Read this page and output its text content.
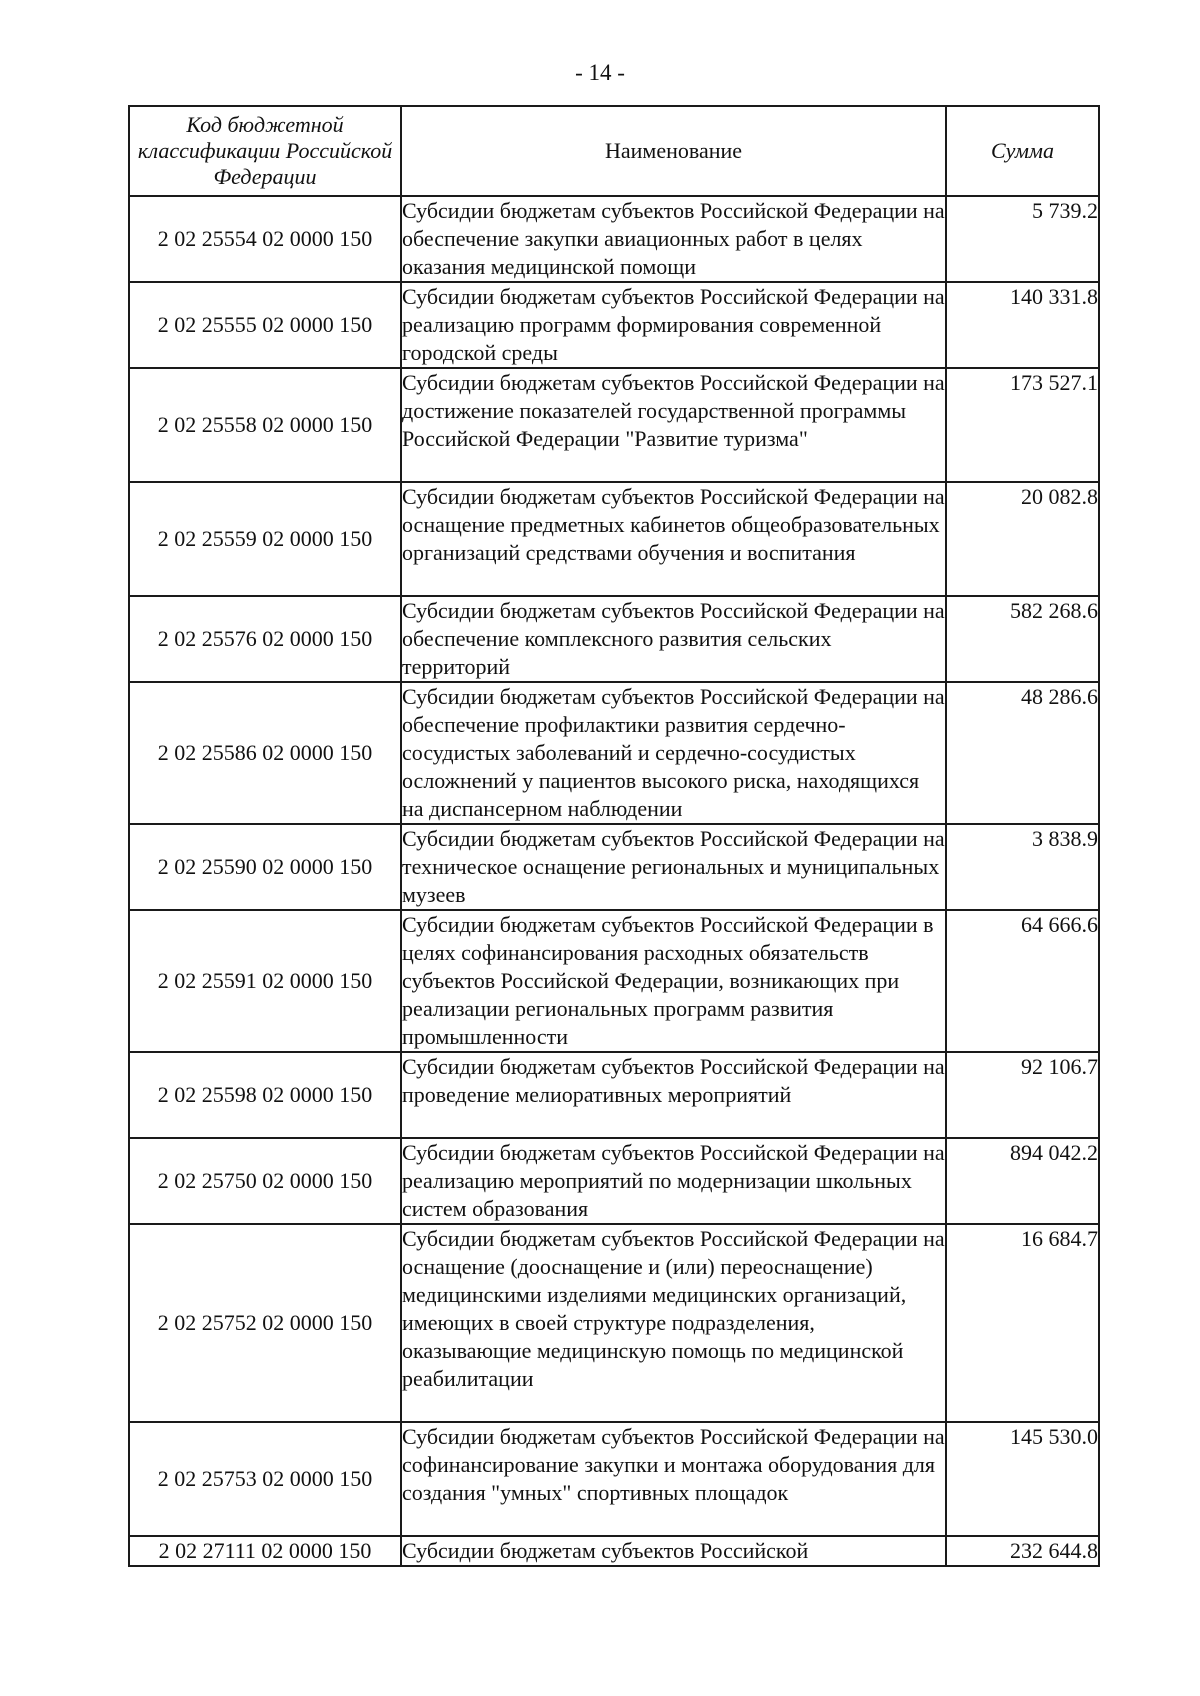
- 14 -
Код бюджетной классификации Российской Федерации	Наименование	Сумма
2 02 25554 02 0000 150	Субсидии бюджетам субъектов Российской Федерации на обеспечение закупки авиационных работ в целях оказания медицинской помощи	5 739.2
2 02 25555 02 0000 150	Субсидии бюджетам субъектов Российской Федерации на реализацию программ формирования современной городской среды	140 331.8
2 02 25558 02 0000 150	Субсидии бюджетам субъектов Российской Федерации на достижение показателей государственной программы Российской Федерации "Развитие туризма"	173 527.1
2 02 25559 02 0000 150	Субсидии бюджетам субъектов Российской Федерации на оснащение предметных кабинетов общеобразовательных организаций средствами обучения и воспитания	20 082.8
2 02 25576 02 0000 150	Субсидии бюджетам субъектов Российской Федерации на обеспечение комплексного развития сельских территорий	582 268.6
2 02 25586 02 0000 150	Субсидии бюджетам субъектов Российской Федерации на обеспечение профилактики развития сердечно-сосудистых заболеваний и сердечно-сосудистых осложнений у пациентов высокого риска, находящихся на диспансерном наблюдении	48 286.6
2 02 25590 02 0000 150	Субсидии бюджетам субъектов Российской Федерации на техническое оснащение региональных и муниципальных музеев	3 838.9
2 02 25591 02 0000 150	Субсидии бюджетам субъектов Российской Федерации в целях софинансирования расходных обязательств субъектов Российской Федерации, возникающих при реализации региональных программ развития промышленности	64 666.6
2 02 25598 02 0000 150	Субсидии бюджетам субъектов Российской Федерации на проведение мелиоративных мероприятий	92 106.7
2 02 25750 02 0000 150	Субсидии бюджетам субъектов Российской Федерации на реализацию мероприятий по модернизации школьных систем образования	894 042.2
2 02 25752 02 0000 150	Субсидии бюджетам субъектов Российской Федерации на оснащение (дооснащение и (или) переоснащение) медицинскими изделиями медицинских организаций, имеющих в своей структуре подразделения, оказывающие медицинскую помощь по медицинской реабилитации	16 684.7
2 02 25753 02 0000 150	Субсидии бюджетам субъектов Российской Федерации на софинансирование закупки и монтажа оборудования для создания "умных" спортивных площадок	145 530.0
2 02 27111 02 0000 150	Субсидии бюджетам субъектов Российской	232 644.8
